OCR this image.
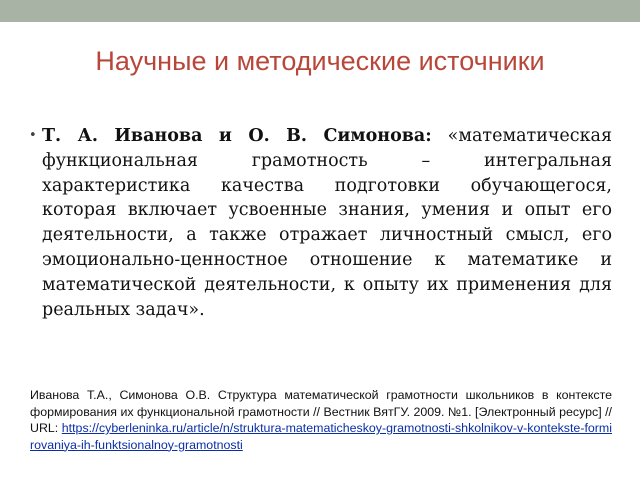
Научные и методические источники
• Т. А. Иванова и О. В. Симонова: «математическая функциональная грамотность – интегральная характеристика качества подготовки обучающегося, которая включает усвоенные знания, умения и опыт его деятельности, а также отражает личностный смысл, его эмоционально-ценностное отношение к математике и математической деятельности, к опыту их применения для реальных задач».
Иванова Т.А., Симонова О.В. Структура математической грамотности школьников в контексте формирования их функциональной грамотности // Вестник ВятГУ. 2009. №1. [Электронный ресурс] // URL: https://cyberleninka.ru/article/n/struktura-matematicheskoy-gramotnosti-shkolnikov-v-kontekste-formirovaniya-ih-funktsionalnoy-gramotnosti
